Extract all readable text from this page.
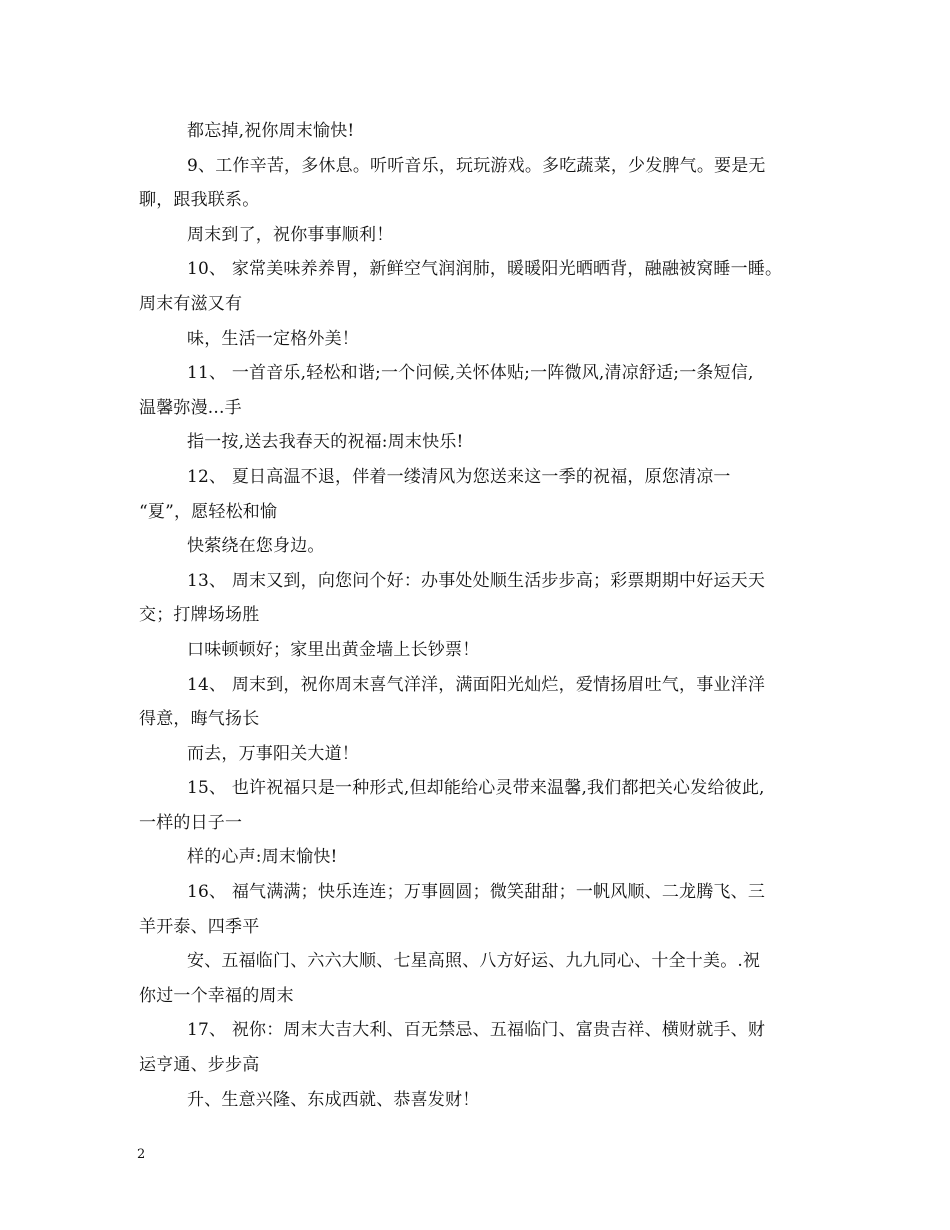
都忘掉,祝你周末愉快!
9、工作辛苦，多休息。听听音乐，玩玩游戏。多吃蔬菜，少发脾气。要是无
聊，跟我联系。
周末到了，祝你事事顺利！
10、 家常美味养养胃，新鲜空气润润肺，暖暖阳光晒晒背，融融被窝睡一睡。
周末有滋又有
味，生活一定格外美！
11、 一首音乐,轻松和谐;一个问候,关怀体贴;一阵微风,清凉舒适;一条短信,
温馨弥漫...手
指一按,送去我春天的祝福:周末快乐!
12、 夏日高温不退，伴着一缕清风为您送来这一季的祝福，原您清凉一
“夏”，愿轻松和愉
快萦绕在您身边。
13、 周末又到，向您问个好：办事处处顺生活步步高；彩票期期中好运天天
交；打牌场场胜
口味顿顿好；家里出黄金墙上长钞票！
14、 周末到，祝你周末喜气洋洋，满面阳光灿烂，爱情扬眉吐气，事业洋洋
得意，晦气扬长
而去，万事阳关大道！
15、 也许祝福只是一种形式,但却能给心灵带来温馨,我们都把关心发给彼此,
一样的日子一
样的心声:周末愉快!
16、 福气满满；快乐连连；万事圆圆；微笑甜甜；一帆风顺、二龙腾飞、三
羊开泰、四季平
安、五福临门、六六大顺、七星高照、八方好运、九九同心、十全十美。.祝
你过一个幸福的周末
17、 祝你：周末大吉大利、百无禁忌、五福临门、富贵吉祥、横财就手、财
运亨通、步步高
升、生意兴隆、东成西就、恭喜发财！
2
